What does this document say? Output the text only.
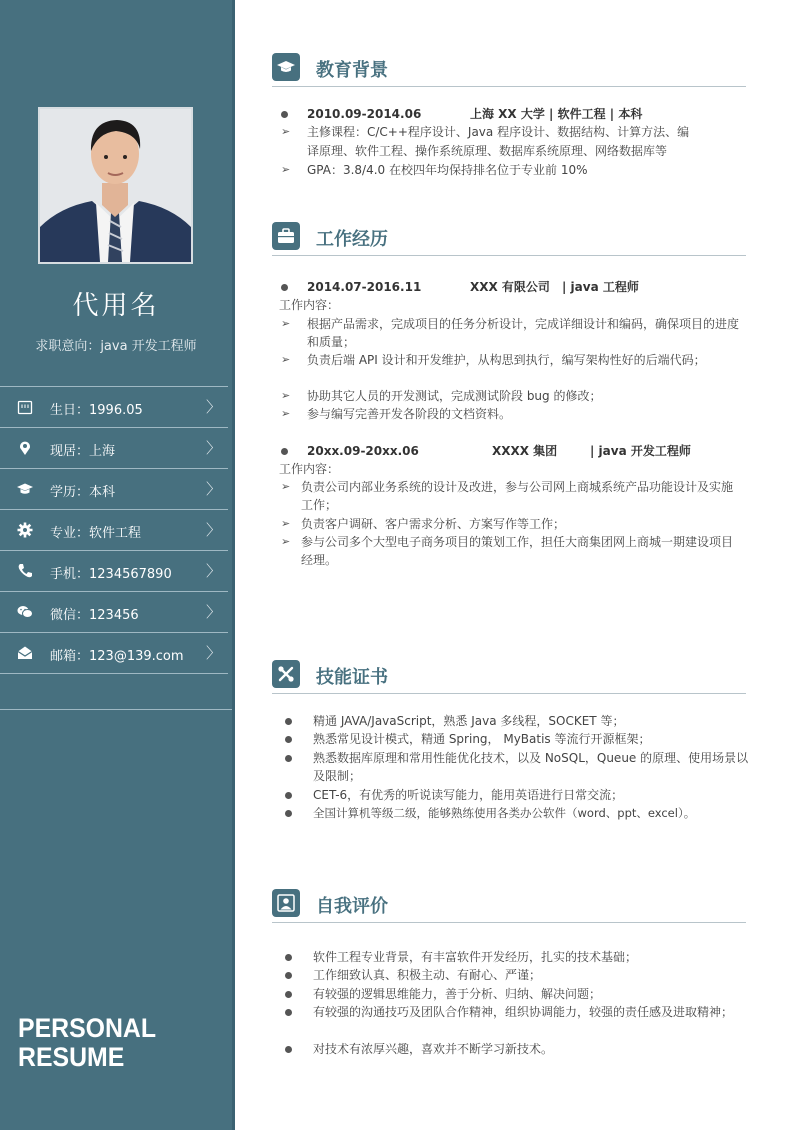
代用名
求职意向：java 开发工程师
生日：1996.05	〉
现居：上海	〉
学历：本科	〉
专业：软件工程	〉
手机：1234567890 〉
微信：123456	〉
邮箱：123@139.com 〉
PERSONAL
RESUME
教育背景
2010.09-2014.06	上海 XX 大学 | 软件工程 | 本科
➢ 主修课程：C/C++程序设计、Java 程序设计、数据结构、计算方法、编
译原理、软件工程、操作系统原理、数据库系统原理、网络数据库等
➢ GPA：3.8/4.0 在校四年均保持排名位于专业前 10%
工作经历
2014.07-2016.11	XXX 有限公司 | java 工程师
工作内容：
➢ 根据产品需求，完成项目的任务分析设计，完成详细设计和编码，确保项目的进度和质量；
➢ 负责后端 API 设计和开发维护，从构思到执行，编写架构性好的后端代码；
➢ 协助其它人员的开发测试，完成测试阶段 bug 的修改；
➢ 参与编写完善开发各阶段的文档资料。
20xx.09-20xx.06	XXXX 集团	| java 开发工程师
工作内容：
➢ 负责公司内部业务系统的设计及改进，参与公司网上商城系统产品功能设计及实施工作；
➢ 负责客户调研、客户需求分析、方案写作等工作；
➢ 参与公司多个大型电子商务项目的策划工作，担任大商集团网上商城一期建设项目经理。
技能证书
精通 JAVA/JavaScript，熟悉 Java 多线程，SOCKET 等；
熟悉常见设计模式，精通 Spring， MyBatis 等流行开源框架；
熟悉数据库原理和常用性能优化技术，以及 NoSQL，Queue 的原理、使用场景以及限制；
CET-6，有优秀的听说读写能力，能用英语进行日常交流；
全国计算机等级二级，能够熟练使用各类办公软件（word、ppt、excel）。
自我评价
软件工程专业背景，有丰富软件开发经历，扎实的技术基础；
工作细致认真、积极主动、有耐心、严谨；
有较强的逻辑思维能力，善于分析、归纳、解决问题；
有较强的沟通技巧及团队合作精神，组织协调能力，较强的责任感及进取精神；
对技术有浓厚兴趣，喜欢并不断学习新技术。
